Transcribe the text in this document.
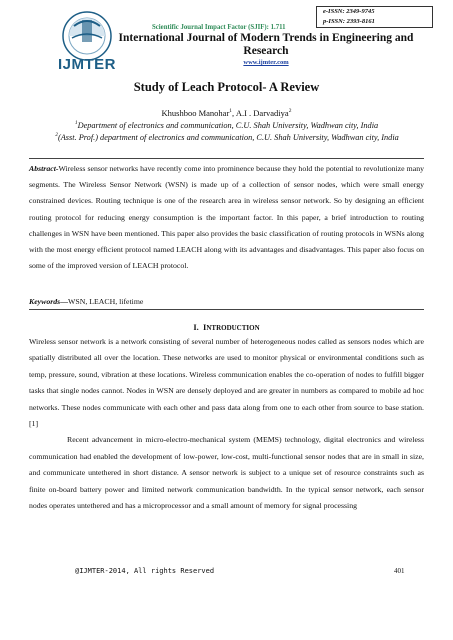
e-ISSN: 2349-9745
p-ISSN: 2393-8161
IJMTER
Scientific Journal Impact Factor (SJIF): 1.711
International Journal of Modern Trends in Engineering and Research
www.ijmter.com
Study of Leach Protocol- A Review
Khushboo Manohar$^1$, A.I . Darvadiya$^2$
$^1$Department of electronics and communication, C.U. Shah University, Wadhwan city, India
$^2$(Asst. Prof.) department of electronics and communication, C.U. Shah University, Wadhwan city, India
Abstract-Wireless sensor networks have recently come into prominence because they hold the potential to revolutionize many segments. The Wireless Sensor Network (WSN) is made up of a collection of sensor nodes, which were small energy constrained devices. Routing technique is one of the research area in wireless sensor network. So by designing an efficient routing protocol for reducing energy consumption is the important factor. In this paper, a brief introduction to routing challenges in WSN have been mentioned. This paper also provides the basic classification of routing protocols in WSNs along with the most energy efficient protocol named LEACH along with its advantages and disadvantages. This paper also focus on some of the improved version of LEACH protocol.
Keywords—WSN, LEACH, lifetime
I. INTRODUCTION

Wireless sensor network is a network consisting of several number of heterogeneous nodes called as sensors nodes which are spatially distributed all over the location. These networks are used to monitor physical or environmental conditions such as temp, pressure, sound, vibration at these locations. Wireless communication enables the co-operation of nodes to fulfill bigger tasks that single nodes cannot. Nodes in WSN are densely deployed and are greater in numbers as compared to mobile ad hoc networks. These nodes communicate with each other and pass data along from one to each other from source to base station. [1]

Recent advancement in micro-electro-mechanical system (MEMS) technology, digital electronics and wireless communication had enabled the development of low-power, low-cost, multi-functional sensor nodes that are in small in size, and communicate untethered in short distance. A sensor network is subject to a unique set of resource constraints such as finite on-board battery power and limited network communication bandwidth. In the typical sensor network, each sensor nodes operates untethered and has a microprocessor and a small amount of memory for signal processing

@IJMTER-2014, All rights Reserved	401
